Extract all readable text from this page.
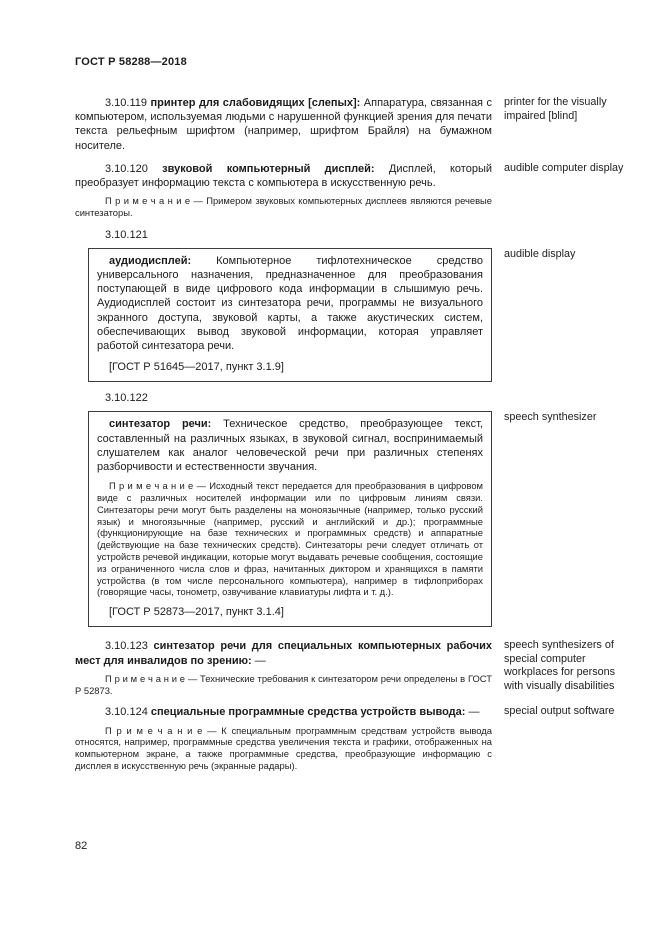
ГОСТ Р 58288—2018

3.10.119 принтер для слабовидящих [слепых]: Аппаратура, связанная с компьютером, используемая людьми с нарушенной функцией зрения для печати текста рельефным шрифтом (например, шрифтом Брайля) на бумажном носителе.

printer for the visually impaired [blind]

3.10.120 звуковой компьютерный дисплей: Дисплей, который преобразует информацию текста с компьютера в искусственную речь.

П р и м е ч а н и е — Примером звуковых компьютерных дисплеев являются речевые синтезаторы.

audible computer display

3.10.121

аудиодисплей: Компьютерное тифлотехническое средство универсального назначения, предназначенное для преобразования поступающей в виде цифрового кода информации в слышимую речь. Аудиодисплей состоит из синтезатора речи, программы не визуального экранного доступа, звуковой карты, а также акустических систем, обеспечивающих вывод звуковой информации, которая управляет работой синтезатора речи.

[ГОСТ Р 51645—2017, пункт 3.1.9]

audible display

3.10.122

синтезатор речи: Техническое средство, преобразующее текст, составленный на различных языках, в звуковой сигнал, воспринимаемый слушателем как аналог человеческой речи при различных степенях разборчивости и естественности звучания.

П р и м е ч а н и е — Исходный текст передается для преобразования в цифровом виде с различных носителей информации или по цифровым линиям связи. Синтезаторы речи могут быть разделены на моноязычные (например, только русский язык) и многоязычные (например, русский и английский и др.); программные (функционирующие на базе технических и программных средств) и аппаратные (действующие на базе технических средств). Синтезаторы речи следует отличать от устройств речевой индикации, которые могут выдавать речевые сообщения, состоящие из ограниченного числа слов и фраз, начитанных диктором и хранящихся в памяти устройства (в том числе персонального компьютера), например в тифлоприборах (говорящие часы, тонометр, озвучивание клавиатуры лифта и т. д.).

[ГОСТ Р 52873—2017, пункт 3.1.4]

speech synthesizer

3.10.123 синтезатор речи для специальных компьютерных рабочих мест для инвалидов по зрению: —

П р и м е ч а н и е — Технические требования к синтезатором речи определены в ГОСТ Р 52873.

speech synthesizers of special computer workplaces for persons with visually disabilities

3.10.124 специальные программные средства устройств вывода: —

П р и м е ч а н и е — К специальным программным средствам устройств вывода относятся, например, программные средства увеличения текста и графики, отображенных на компьютерном экране, а также программные средства, преобразующие информацию с дисплея в искусственную речь (экранные радары).

special output software
82
